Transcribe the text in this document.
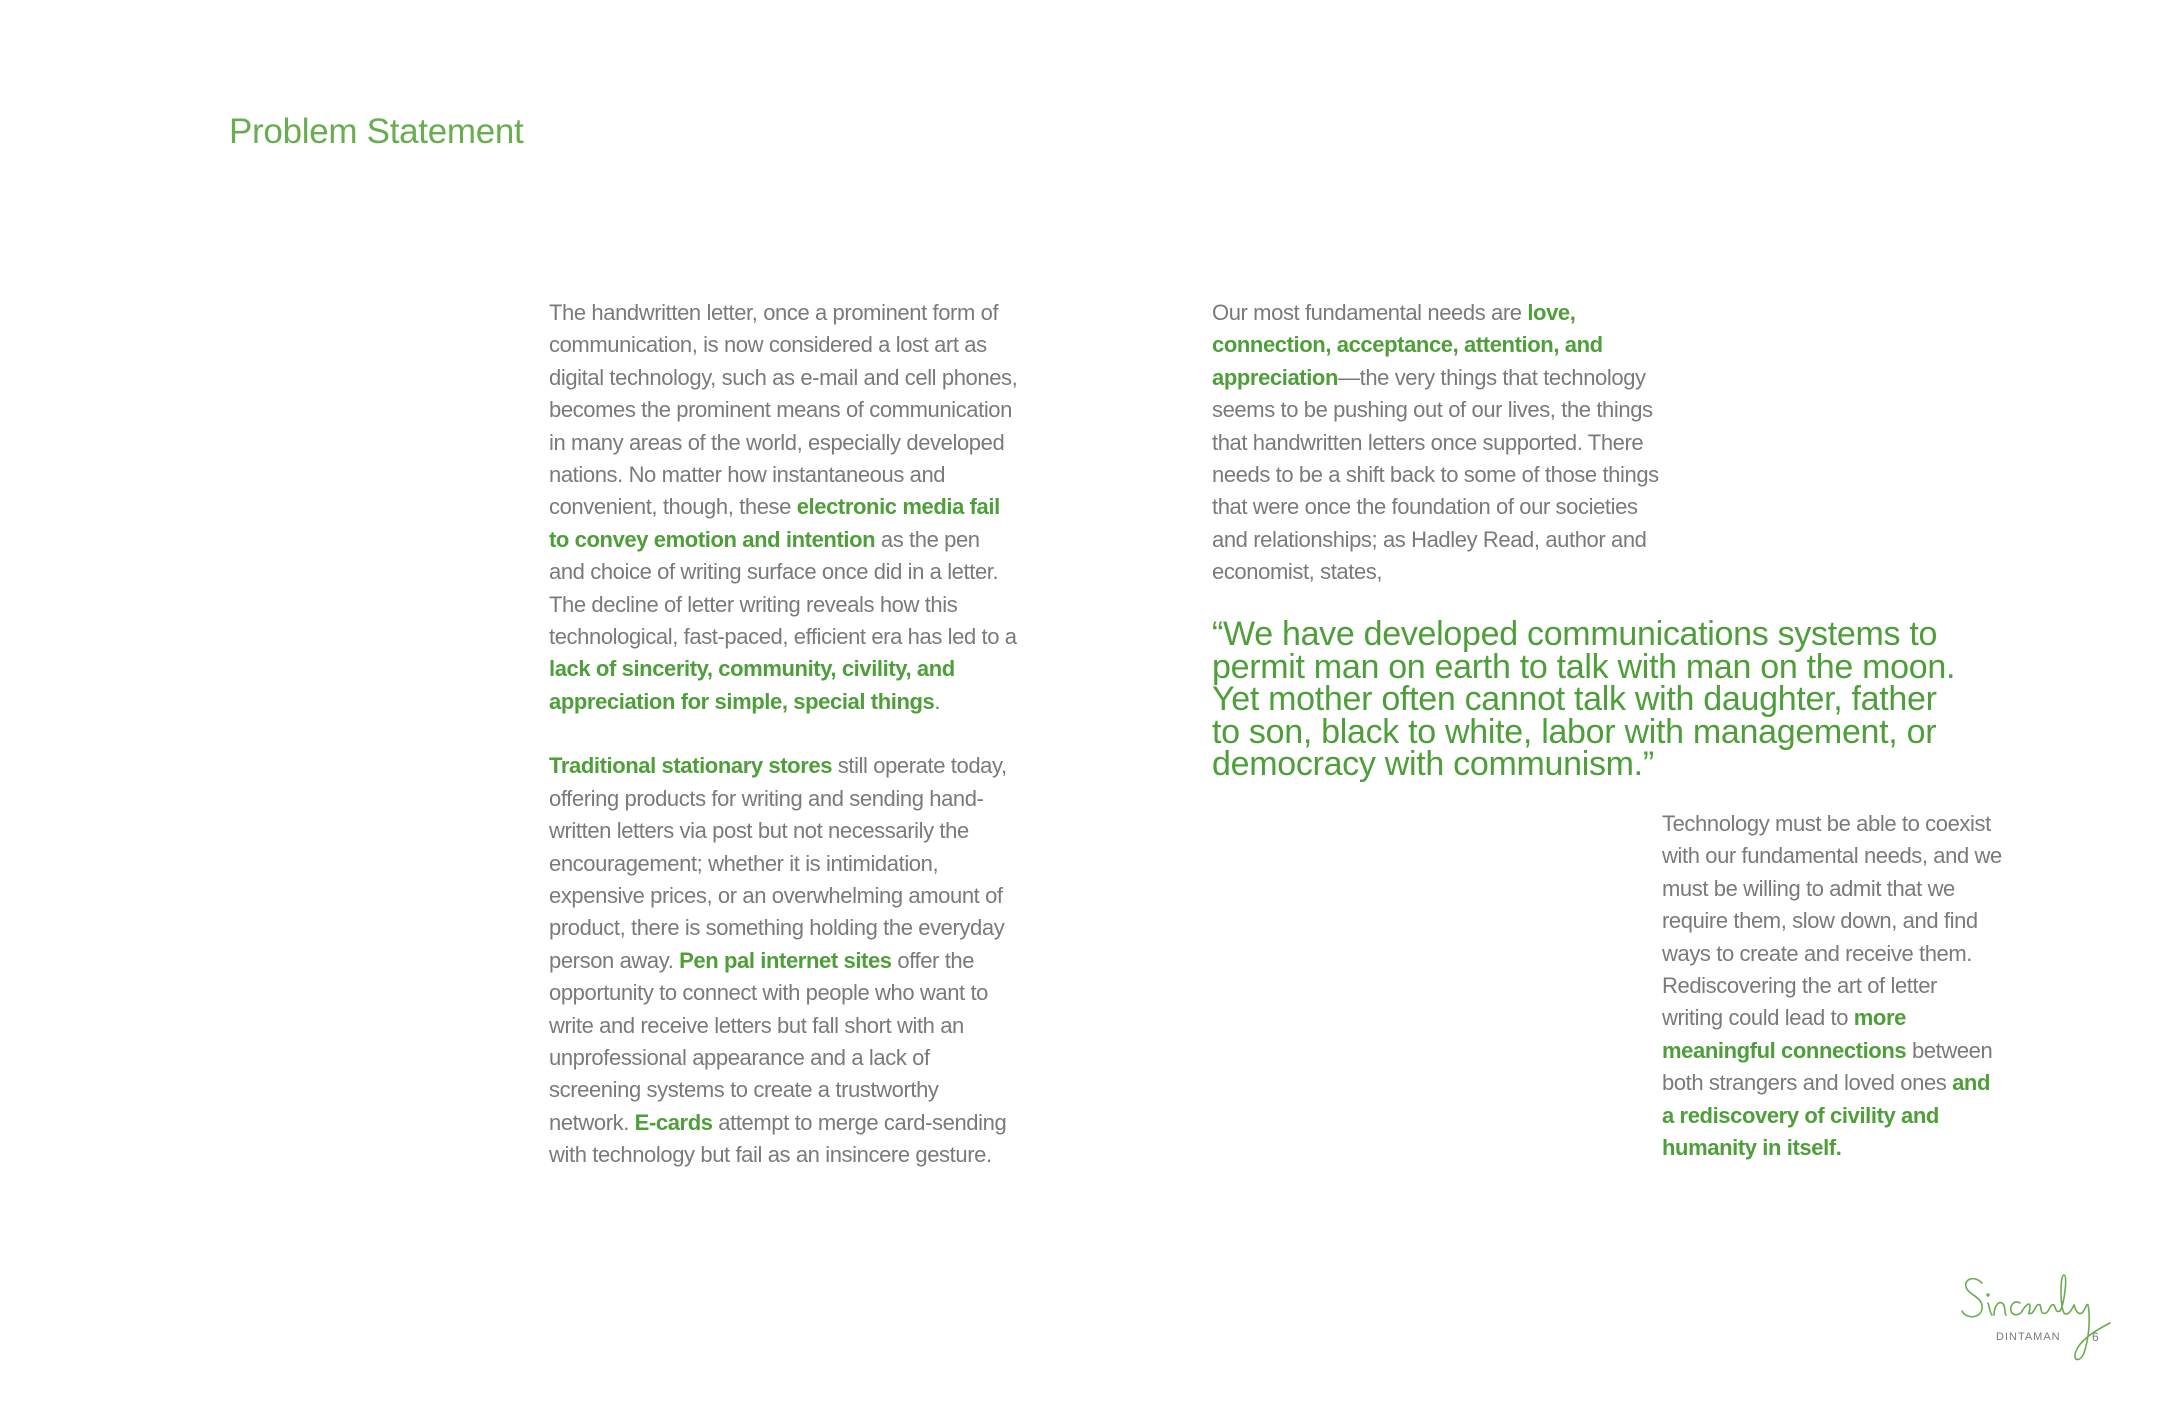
Problem Statement

The handwritten letter, once a prominent form of communication, is now considered a lost art as digital technology, such as e-mail and cell phones, becomes the prominent means of communication in many areas of the world, especially developed nations. No matter how instantaneous and convenient, though, these electronic media fail to convey emotion and intention as the pen and choice of writing surface once did in a letter. The decline of letter writing reveals how this technological, fast-paced, efficient era has led to a lack of sincerity, community, civility, and appreciation for simple, special things.

Traditional stationary stores still operate today, offering products for writing and sending hand-written letters via post but not necessarily the encouragement; whether it is intimidation, expensive prices, or an overwhelming amount of product, there is something holding the everyday person away. Pen pal internet sites offer the opportunity to connect with people who want to write and receive letters but fall short with an unprofessional appearance and a lack of screening systems to create a trustworthy network. E-cards attempt to merge card-sending with technology but fail as an insincere gesture.

Our most fundamental needs are love, connection, acceptance, attention, and appreciation—the very things that technology seems to be pushing out of our lives, the things that handwritten letters once supported. There needs to be a shift back to some of those things that were once the foundation of our societies and relationships; as Hadley Read, author and economist, states,

“We have developed communications systems to permit man on earth to talk with man on the moon. Yet mother often cannot talk with daughter, father to son, black to white, labor with management, or democracy with communism.”

Technology must be able to coexist with our fundamental needs, and we must be willing to admit that we require them, slow down, and find ways to create and receive them. Rediscovering the art of letter writing could lead to more meaningful connections between both strangers and loved ones and a rediscovery of civility and humanity in itself.

DINTAMAN	6
